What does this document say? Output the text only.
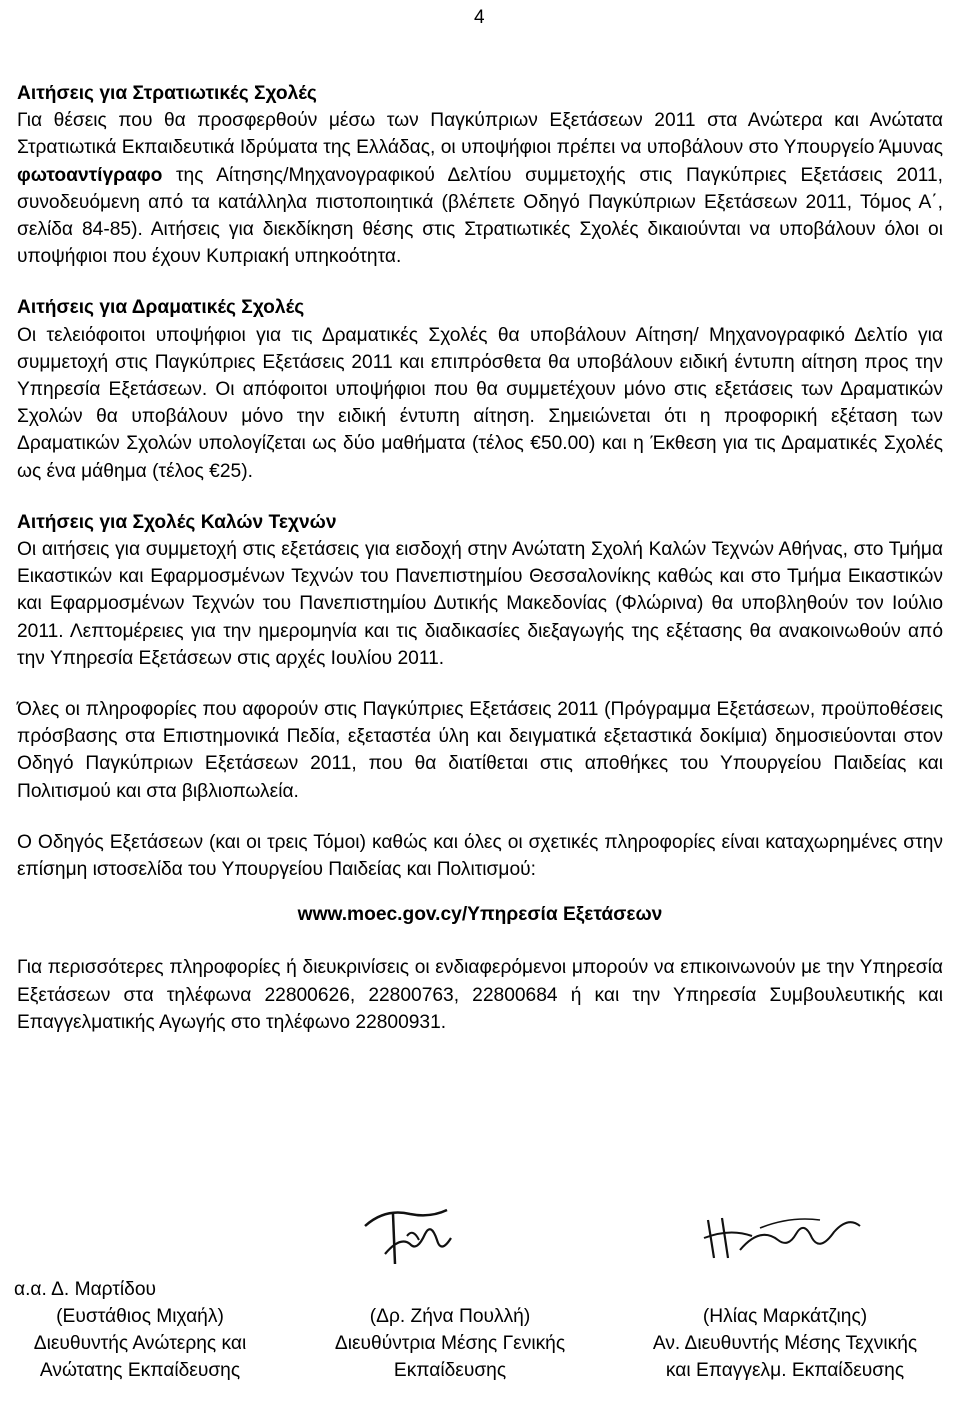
4
Αιτήσεις για Στρατιωτικές Σχολές

Για θέσεις που θα προσφερθούν μέσω των Παγκύπριων Εξετάσεων 2011 στα Ανώτερα και Ανώτατα Στρατιωτικά Εκπαιδευτικά Ιδρύματα της Ελλάδας, οι υποψήφιοι πρέπει να υποβάλουν στο Υπουργείο Άμυνας φωτοαντίγραφο της Αίτησης/Μηχανογραφικού Δελτίου συμμετοχής στις Παγκύπριες Εξετάσεις 2011, συνοδευόμενη από τα κατάλληλα πιστοποιητικά (βλέπετε Οδηγό Παγκύπριων Εξετάσεων 2011, Τόμος Α΄, σελίδα 84-85). Αιτήσεις για διεκδίκηση θέσης στις Στρατιωτικές Σχολές δικαιούνται να υποβάλουν όλοι οι υποψήφιοι που έχουν Κυπριακή υπηκοότητα.

Αιτήσεις για Δραματικές Σχολές

Οι τελειόφοιτοι υποψήφιοι για τις Δραματικές Σχολές θα υποβάλουν Αίτηση/ Μηχανογραφικό Δελτίο για συμμετοχή στις Παγκύπριες Εξετάσεις 2011 και επιπρόσθετα θα υποβάλουν ειδική έντυπη αίτηση προς την Υπηρεσία Εξετάσεων. Οι απόφοιτοι υποψήφιοι που θα συμμετέχουν μόνο στις εξετάσεις των Δραματικών Σχολών θα υποβάλουν μόνο την ειδική έντυπη αίτηση. Σημειώνεται ότι η προφορική εξέταση των Δραματικών Σχολών υπολογίζεται ως δύο μαθήματα (τέλος €50.00) και η Έκθεση για τις Δραματικές Σχολές ως ένα μάθημα (τέλος €25).

Αιτήσεις για Σχολές Καλών Τεχνών

Οι αιτήσεις για συμμετοχή στις εξετάσεις για εισδοχή στην Ανώτατη Σχολή Καλών Τεχνών Αθήνας, στο Τμήμα Εικαστικών και Εφαρμοσμένων Τεχνών του Πανεπιστημίου Θεσσαλονίκης καθώς και στο Τμήμα Εικαστικών και Εφαρμοσμένων Τεχνών του Πανεπιστημίου Δυτικής Μακεδονίας (Φλώρινα) θα υποβληθούν τον Ιούλιο 2011. Λεπτομέρειες για την ημερομηνία και τις διαδικασίες διεξαγωγής της εξέτασης θα ανακοινωθούν από την Υπηρεσία Εξετάσεων στις αρχές Ιουλίου 2011.

Όλες οι πληροφορίες που αφορούν στις Παγκύπριες Εξετάσεις 2011 (Πρόγραμμα Εξετάσεων, προϋποθέσεις πρόσβασης στα Επιστημονικά Πεδία, εξεταστέα ύλη και δειγματικά εξεταστικά δοκίμια) δημοσιεύονται στον Οδηγό Παγκύπριων Εξετάσεων 2011, που θα διατίθεται στις αποθήκες του Υπουργείου Παιδείας και Πολιτισμού και στα βιβλιοπωλεία.

Ο Οδηγός Εξετάσεων (και οι τρεις Τόμοι) καθώς και όλες οι σχετικές πληροφορίες είναι καταχωρημένες στην επίσημη ιστοσελίδα του Υπουργείου Παιδείας και Πολιτισμού:

www.moec.gov.cy/Υπηρεσία Εξετάσεων

Για περισσότερες πληροφορίες ή διευκρινίσεις οι ενδιαφερόμενοι μπορούν να επικοινωνούν με την Υπηρεσία Εξετάσεων στα τηλέφωνα 22800626, 22800763, 22800684 ή και την Υπηρεσία Συμβουλευτικής και Επαγγελματικής Αγωγής στο τηλέφωνο 22800931.

α.α. Δ. Μαρτίδου
(Ευστάθιος Μιχαήλ)
Διευθυντής Ανώτερης και
Ανώτατης Εκπαίδευσης
(Δρ. Ζήνα Πουλλή)
Διευθύντρια Μέσης Γενικής
Εκπαίδευσης
(Ηλίας Μαρκάτζιης)
Αν. Διευθυντής Μέσης Τεχνικής
και Επαγγελμ. Εκπαίδευσης
